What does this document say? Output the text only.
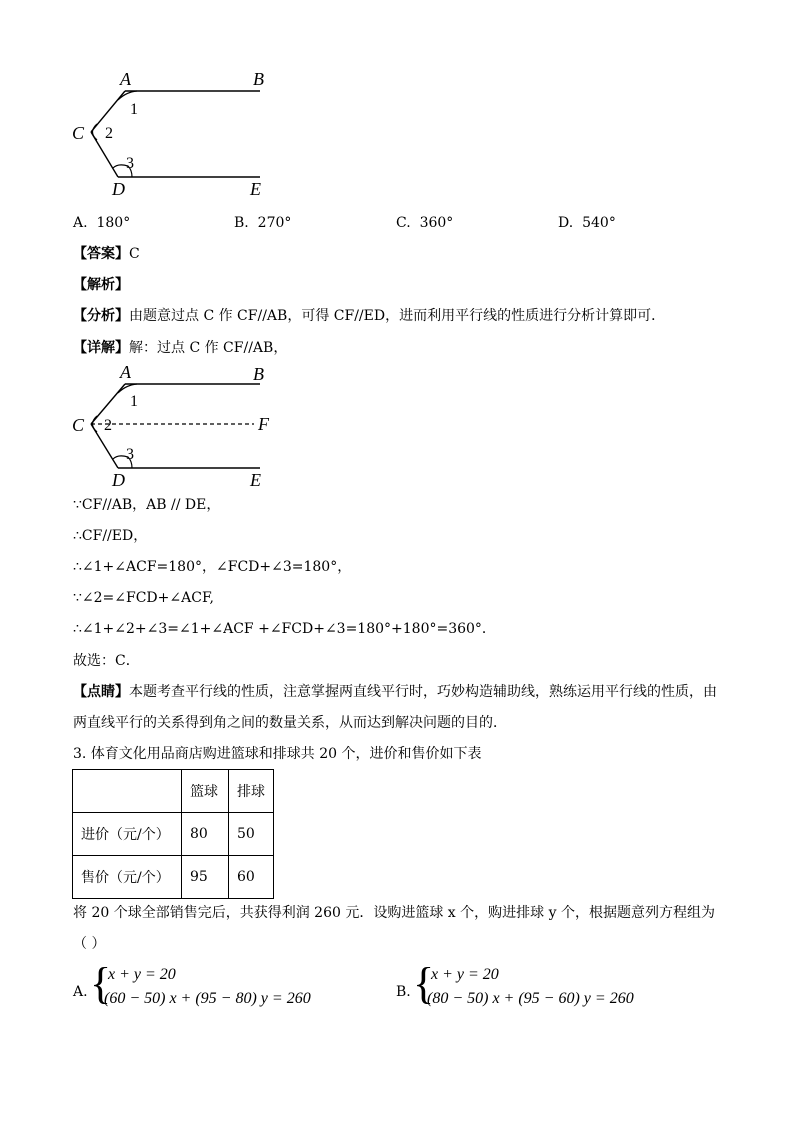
A	B
C
D	E
1
2
3
A. 180°	B. 270°	C. 360°	D. 540°
【答案】C
【解析】
【分析】由题意过点 C 作 CF//AB，可得 CF//ED，进而利用平行线的性质进行分析计算即可．
【详解】解：过点 C 作 CF//AB，
A	B
C	F
D	E
1
2
3
∵CF//AB，AB // DE，
∴CF//ED，
∴∠1+∠ACF=180°，∠FCD+∠3=180°，
∵∠2=∠FCD+∠ACF,
∴∠1+∠2+∠3=∠1+∠ACF +∠FCD+∠3=180°+180°=360°．
故选：C．
【点睛】本题考查平行线的性质，注意掌握两直线平行时，巧妙构造辅助线，熟练运用平行线的性质，由
两直线平行的关系得到角之间的数量关系，从而达到解决问题的目的．
3. 体育文化用品商店购进篮球和排球共 20 个，进价和售价如下表
	篮球	排球
进价（元/个）	80	50
售价（元/个）	95	60
将 20 个球全部销售完后，共获得利润 260 元．设购进篮球 x 个，购进排球 y 个，根据题意列方程组为
（ ）
A. {
x + y = 20
(60 − 50) x + (95 − 80) y = 260	B. {
x + y = 20
(80 − 50) x + (95 − 60) y = 260
